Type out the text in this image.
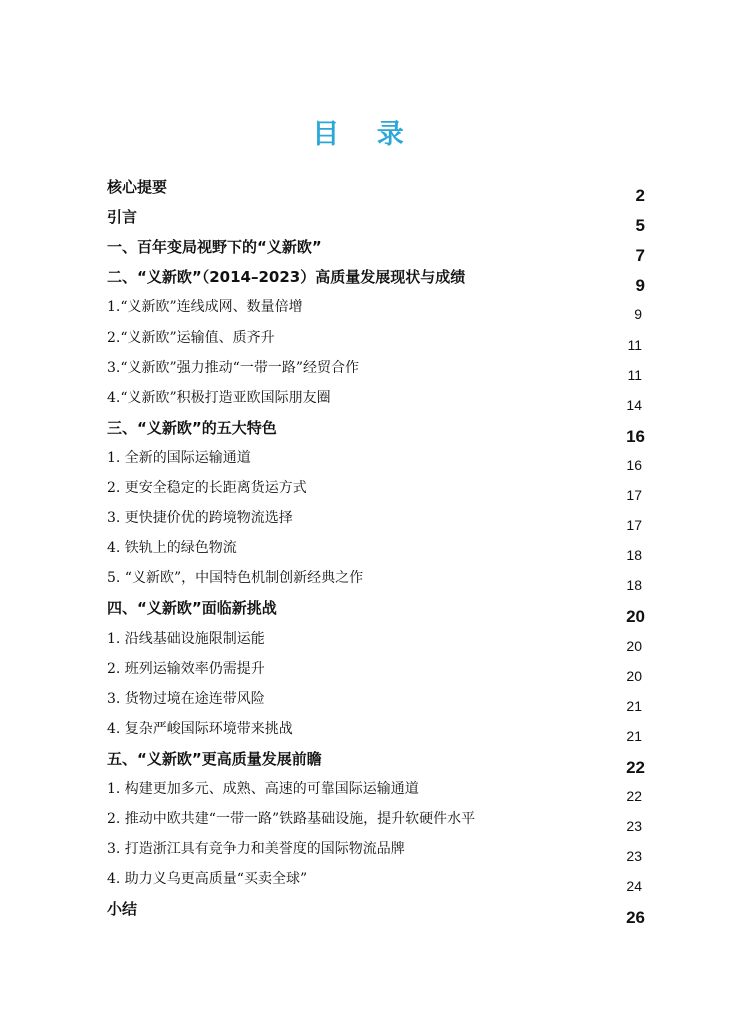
目 录
核心提要	2
引言	5
一、百年变局视野下的“义新欧”	7
二、“义新欧”（2014–2023）高质量发展现状与成绩	9
1.“义新欧”连线成网、数量倍增	9
2.“义新欧”运输值、质齐升	11
3.“义新欧”强力推动“一带一路”经贸合作	11
4.“义新欧”积极打造亚欧国际朋友圈	14
三、“义新欧”的五大特色	16
1. 全新的国际运输通道	16
2. 更安全稳定的长距离货运方式	17
3. 更快捷价优的跨境物流选择	17
4. 铁轨上的绿色物流	18
5. “义新欧”，中国特色机制创新经典之作	18
四、“义新欧”面临新挑战	20
1. 沿线基础设施限制运能	20
2. 班列运输效率仍需提升	20
3. 货物过境在途连带风险	21
4. 复杂严峻国际环境带来挑战	21
五、“义新欧”更高质量发展前瞻	22
1. 构建更加多元、成熟、高速的可靠国际运输通道	22
2. 推动中欧共建“一带一路”铁路基础设施，提升软硬件水平	23
3. 打造浙江具有竞争力和美誉度的国际物流品牌	23
4. 助力义乌更高质量“买卖全球”	24
小结	26
